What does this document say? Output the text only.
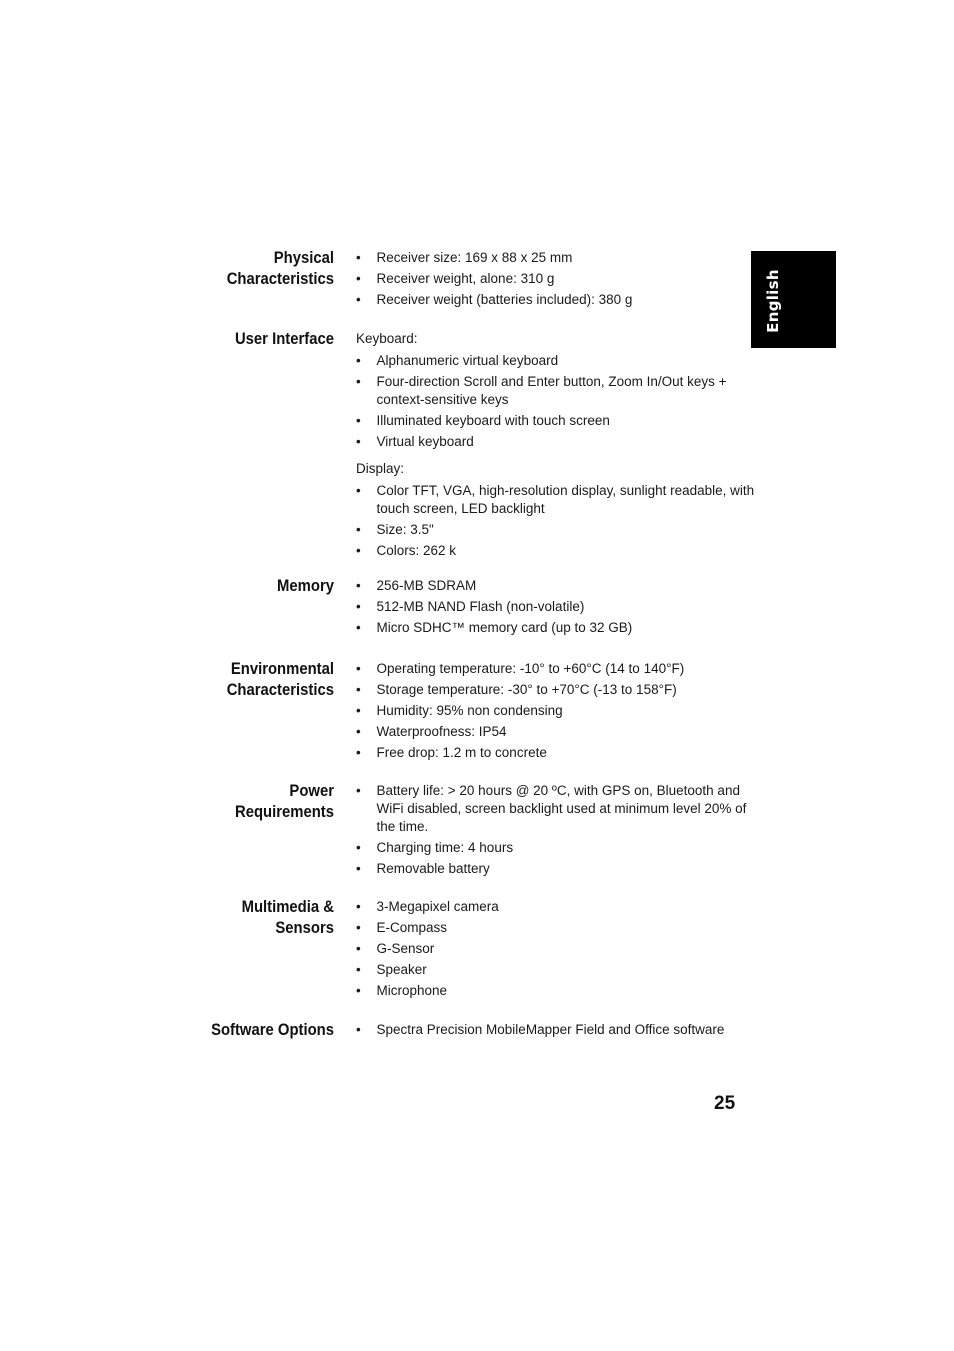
English
Physical
Characteristics
• Receiver size: 169 x 88 x 25 mm
• Receiver weight, alone: 310 g
• Receiver weight (batteries included): 380 g
User Interface Keyboard:
• Alphanumeric virtual keyboard
• Four-direction Scroll and Enter button, Zoom In/Out keys + context-sensitive keys
• Illuminated keyboard with touch screen
• Virtual keyboard
Display:
• Color TFT, VGA, high-resolution display, sunlight readable, with touch screen, LED backlight
• Size: 3.5"
• Colors: 262 k
Memory	• 256-MB SDRAM
• 512-MB NAND Flash (non-volatile)
• Micro SDHC™ memory card (up to 32 GB)
Environmental
Characteristics
• Operating temperature: -10° to +60°C (14 to 140°F)
• Storage temperature: -30° to +70°C (-13 to 158°F)
• Humidity: 95% non condensing
• Waterproofness: IP54
• Free drop: 1.2 m to concrete
Power
Requirements
• Battery life: > 20 hours @ 20 ºC, with GPS on, Bluetooth and WiFi disabled, screen backlight used at minimum level 20% of the time.
• Charging time: 4 hours
• Removable battery
Multimedia &
Sensors
• 3-Megapixel camera
• E-Compass
• G-Sensor
• Speaker
• Microphone
Software Options	• Spectra Precision MobileMapper Field and Office software
25
